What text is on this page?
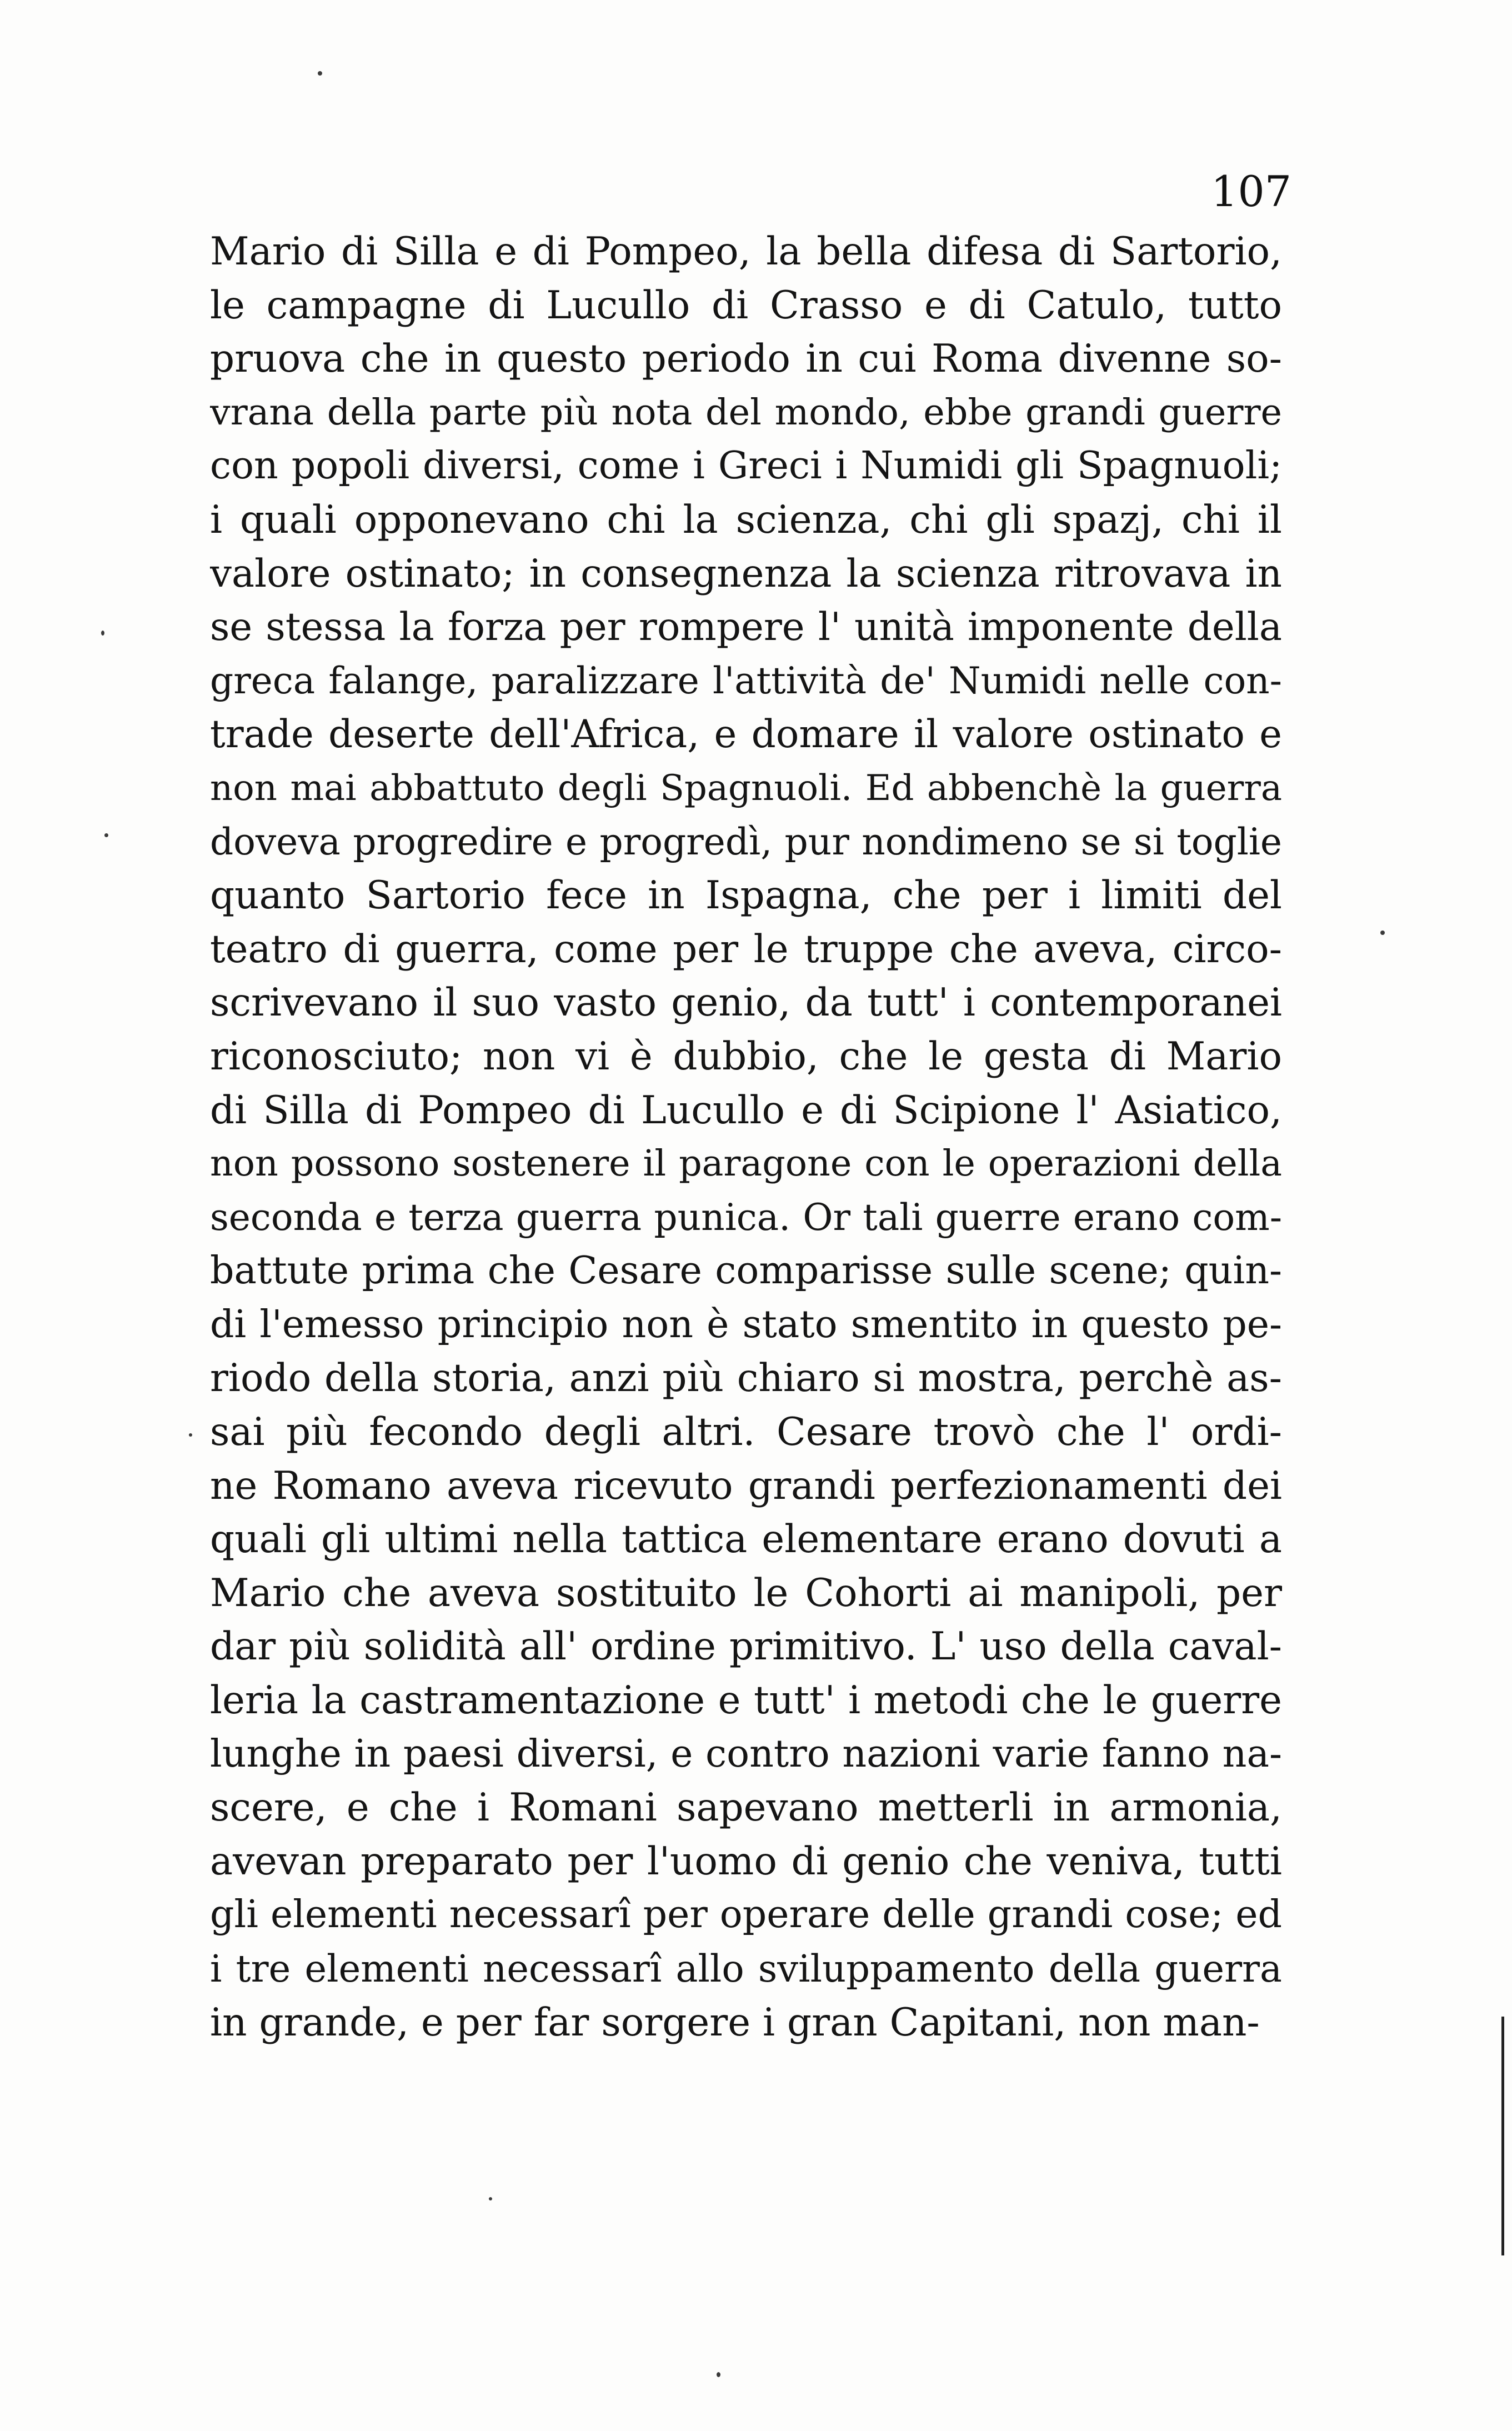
107
Mario di Silla e di Pompeo, la bella difesa di Sartorio,
le campagne di Lucullo di Crasso e di Catulo, tutto
pruova che in questo periodo in cui Roma divenne so-
vrana della parte più nota del mondo, ebbe grandi guerre
con popoli diversi, come i Greci i Numidi gli Spagnuoli;
i quali opponevano chi la scienza, chi gli spazj, chi il
valore ostinato; in consegnenza la scienza ritrovava in
se stessa la forza per rompere l' unità imponente della
greca falange, paralizzare l'attività de' Numidi nelle con-
trade deserte dell'Africa, e domare il valore ostinato e
non mai abbattuto degli Spagnuoli. Ed abbenchè la guerra
doveva progredire e progredì, pur nondimeno se si toglie
quanto Sartorio fece in Ispagna, che per i limiti del
teatro di guerra, come per le truppe che aveva, circo-
scrivevano il suo vasto genio, da tutt' i contemporanei
riconosciuto; non vi è dubbio, che le gesta di Mario
di Silla di Pompeo di Lucullo e di Scipione l' Asiatico,
non possono sostenere il paragone con le operazioni della
seconda e terza guerra punica. Or tali guerre erano com-
battute prima che Cesare comparisse sulle scene; quin-
di l'emesso principio non è stato smentito in questo pe-
riodo della storia, anzi più chiaro si mostra, perchè as-
sai più fecondo degli altri. Cesare trovò che l' ordi-
ne Romano aveva ricevuto grandi perfezionamenti dei
quali gli ultimi nella tattica elementare erano dovuti a
Mario che aveva sostituito le Cohorti ai manipoli, per
dar più solidità all' ordine primitivo. L' uso della caval-
leria la castramentazione e tutt' i metodi che le guerre
lunghe in paesi diversi, e contro nazioni varie fanno na-
scere, e che i Romani sapevano metterli in armonia,
avevan preparato per l'uomo di genio che veniva, tutti
gli elementi necessarî per operare delle grandi cose; ed
i tre elementi necessarî allo sviluppamento della guerra
in grande, e per far sorgere i gran Capitani, non man-
